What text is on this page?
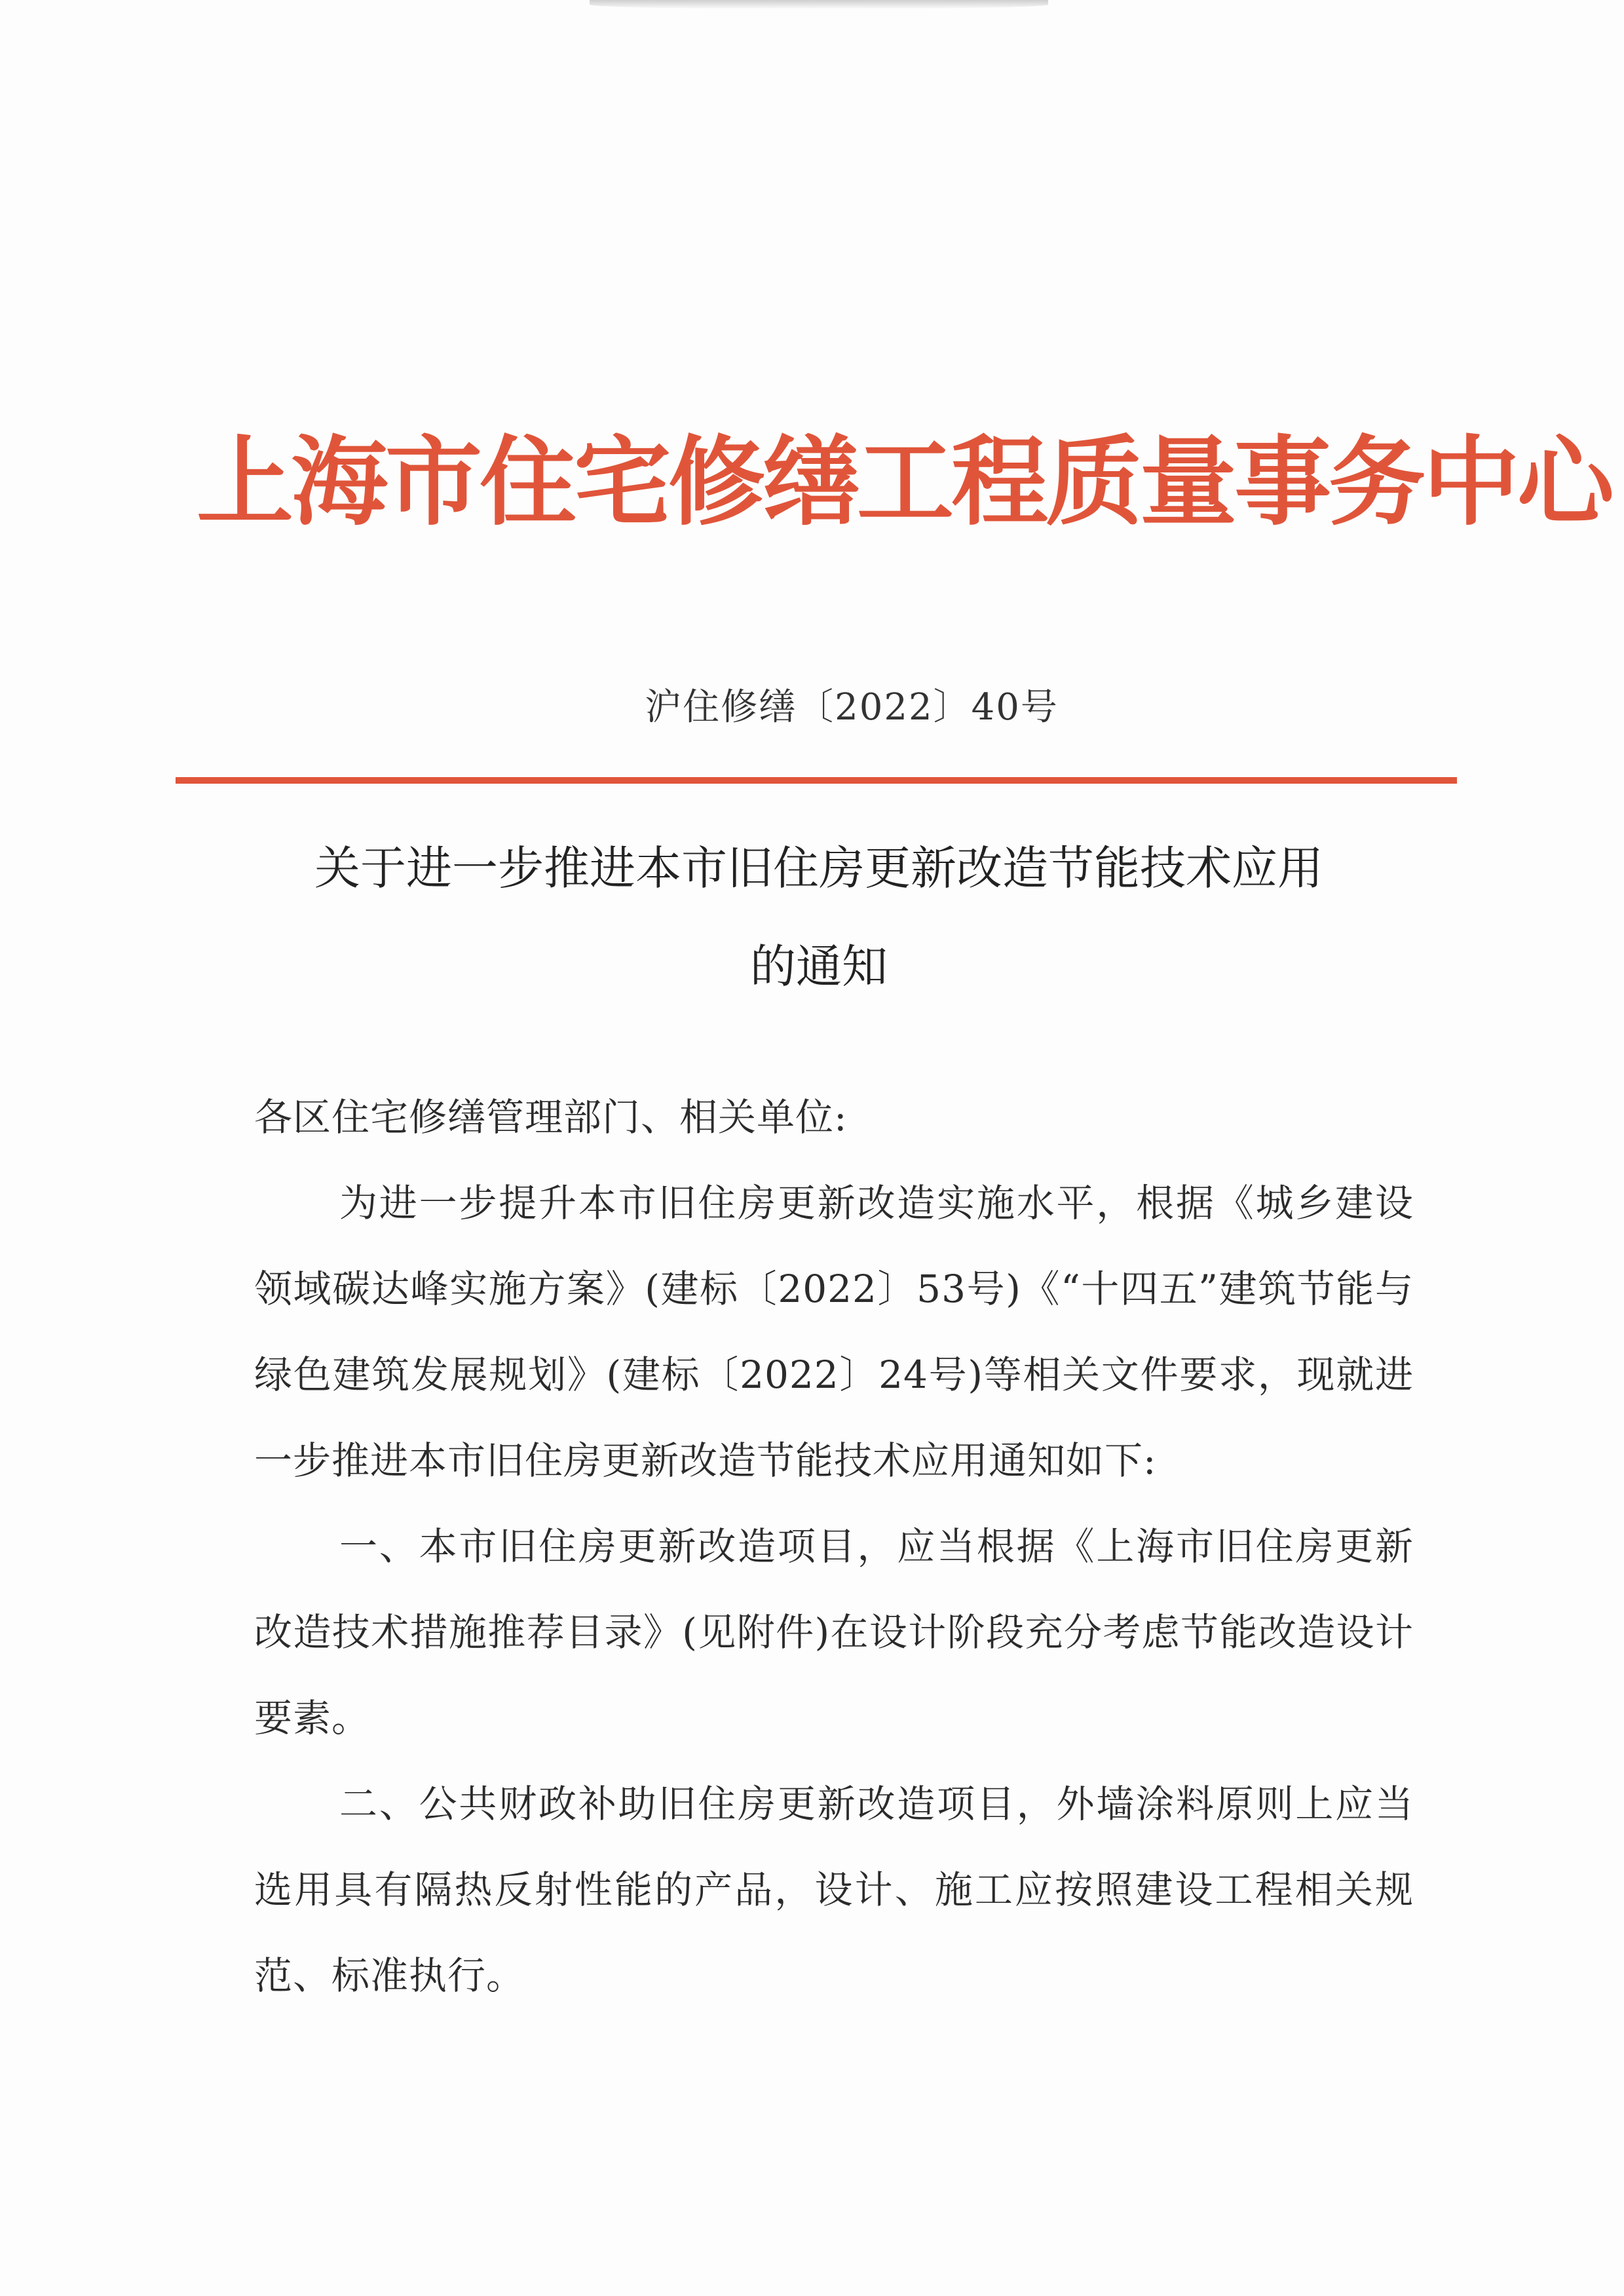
上海市住宅修缮工程质量事务中心
沪住修缮〔2022〕40号
关于进一步推进本市旧住房更新改造节能技术应用
的通知

各区住宅修缮管理部门、相关单位:

为进一步提升本市旧住房更新改造实施水平，根据《城乡建设领域碳达峰实施方案》(建标〔2022〕53号)《“十四五”建筑节能与绿色建筑发展规划》(建标〔2022〕24号)等相关文件要求，现就进一步推进本市旧住房更新改造节能技术应用通知如下:

一、本市旧住房更新改造项目，应当根据《上海市旧住房更新改造技术措施推荐目录》(见附件)在设计阶段充分考虑节能改造设计要素。

二、公共财政补助旧住房更新改造项目，外墙涂料原则上应当选用具有隔热反射性能的产品，设计、施工应按照建设工程相关规范、标准执行。
